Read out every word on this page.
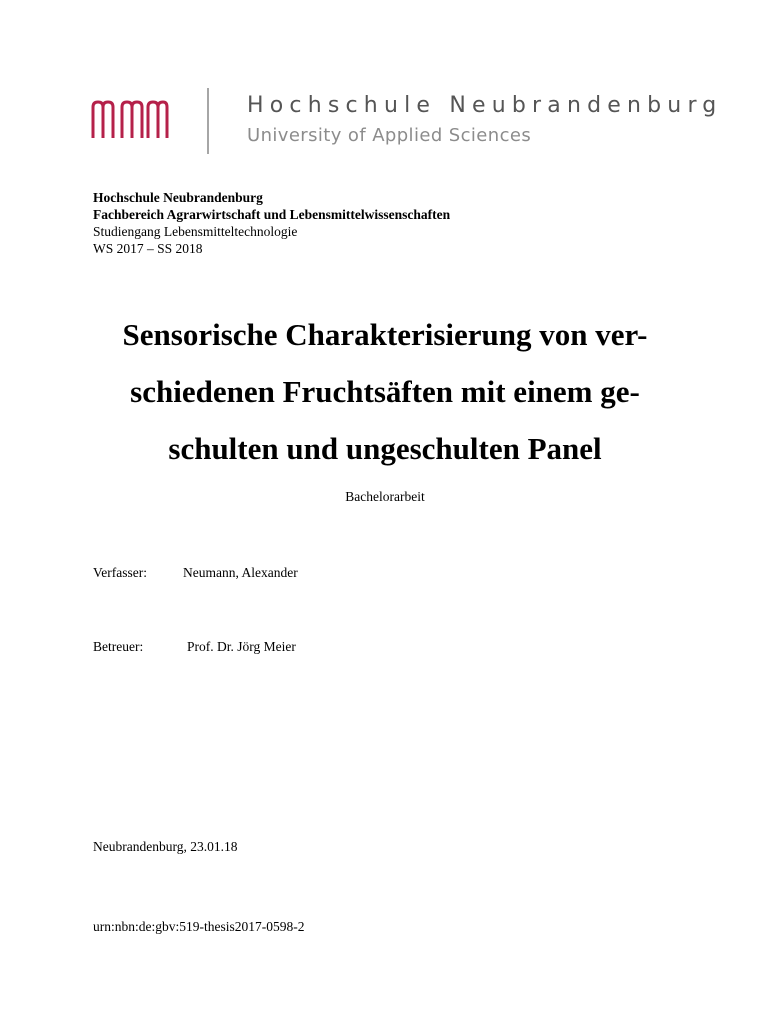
Hochschule Neubrandenburg
University of Applied Sciences
Hochschule Neubrandenburg
Fachbereich Agrarwirtschaft und Lebensmittelwissenschaften
Studiengang Lebensmitteltechnologie
WS 2017 – SS 2018
Sensorische Charakterisierung von ver-
schiedenen Fruchtsäften mit einem ge-
schulten und ungeschulten Panel
Bachelorarbeit
Verfasser:	Neumann, Alexander
Betreuer:	Prof. Dr. Jörg Meier
Neubrandenburg, 23.01.18
urn:nbn:de:gbv:519-thesis2017-0598-2
